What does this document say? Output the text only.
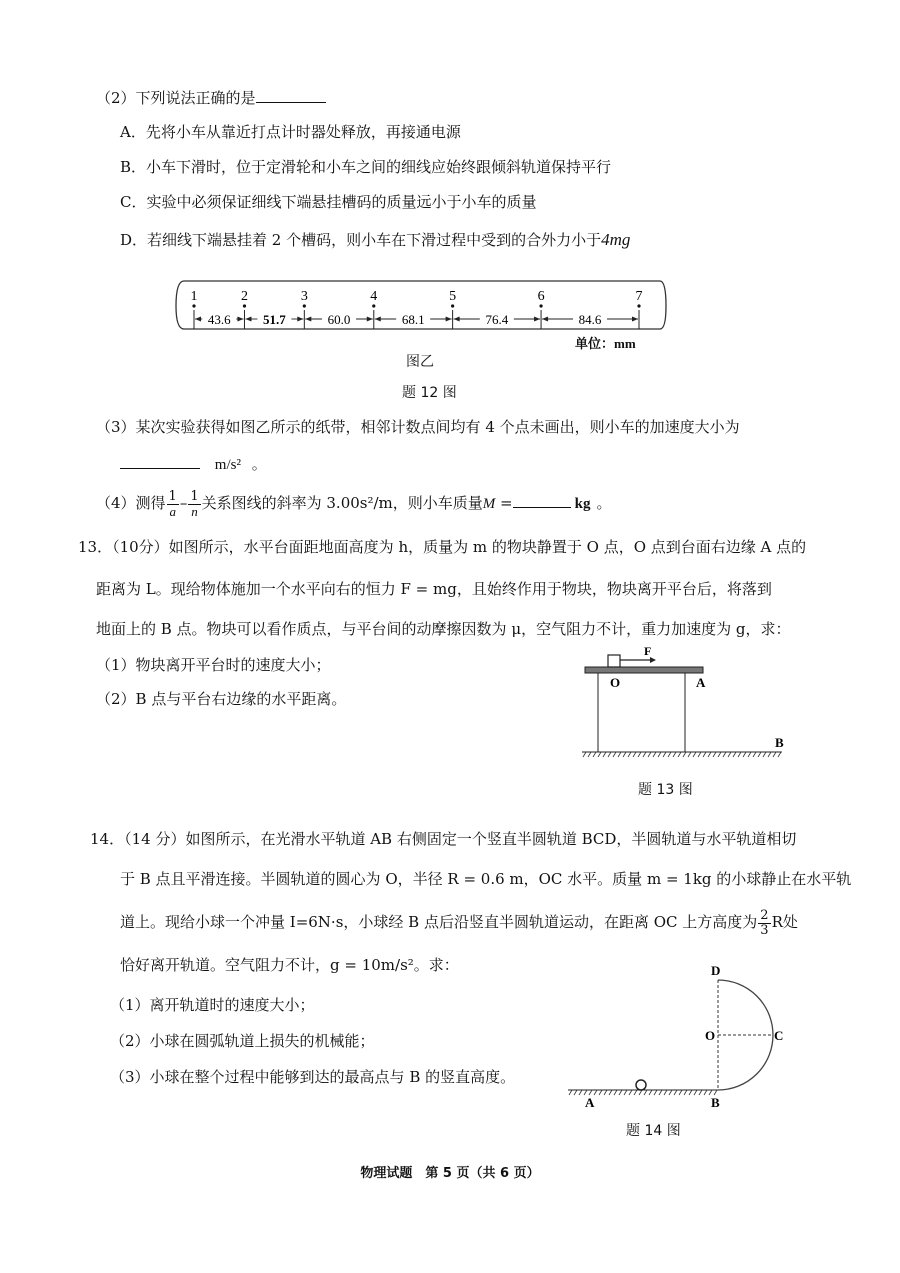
（2）下列说法正确的是
A．先将小车从靠近打点计时器处释放，再接通电源
B．小车下滑时，位于定滑轮和小车之间的细线应始终跟倾斜轨道保持平行
C．实验中必须保证细线下端悬挂槽码的质量远小于小车的质量
D．若细线下端悬挂着 2 个槽码，则小车在下滑过程中受到的合外力小于4mg
1	2	3	4	5	6	7
43.6 51.7	60.0	68.1	76.4	84.6
单位：mm
图乙
题 12 图
（3）某次实验获得如图乙所示的纸带，相邻计数点间均有 4 个点未画出，则小车的加速度大小为
m/s² 。
（4）测得 $\frac{1}{a} - \frac{1}{n}$ 关系图线的斜率为 3.00s²/m，则小车质量M =	kg 。
13．（10分）如图所示，水平台面距地面高度为 h，质量为 m 的物块静置于 O 点，O 点到台面右边缘 A 点的
距离为 L。现给物体施加一个水平向右的恒力 F = mg，且始终作用于物块，物块离开平台后，将落到
地面上的 B 点。物块可以看作质点，与平台间的动摩擦因数为 μ，空气阻力不计，重力加速度为 g，求：
（1）物块离开平台时的速度大小；
（2）B 点与平台右边缘的水平距离。
F
O	A
B
题 13 图
14．（14 分）如图所示，在光滑水平轨道 AB 右侧固定一个竖直半圆轨道 BCD，半圆轨道与水平轨道相切
于 B 点且平滑连接。半圆轨道的圆心为 O，半径 R = 0.6 m，OC 水平。质量 m = 1kg 的小球静止在水平轨
道上。现给小球一个冲量 I=6N·s，小球经 B 点后沿竖直半圆轨道运动，在距离 OC 上方高度为 $\frac{2}{3}$ R处
恰好离开轨道。空气阻力不计，g = 10m/s²。求：
（1）离开轨道时的速度大小；
（2）小球在圆弧轨道上损失的机械能；
（3）小球在整个过程中能够到达的最高点与 B 的竖直高度。
D
O	C
A	B
题 14 图
物理试题　第 5 页（共 6 页）
